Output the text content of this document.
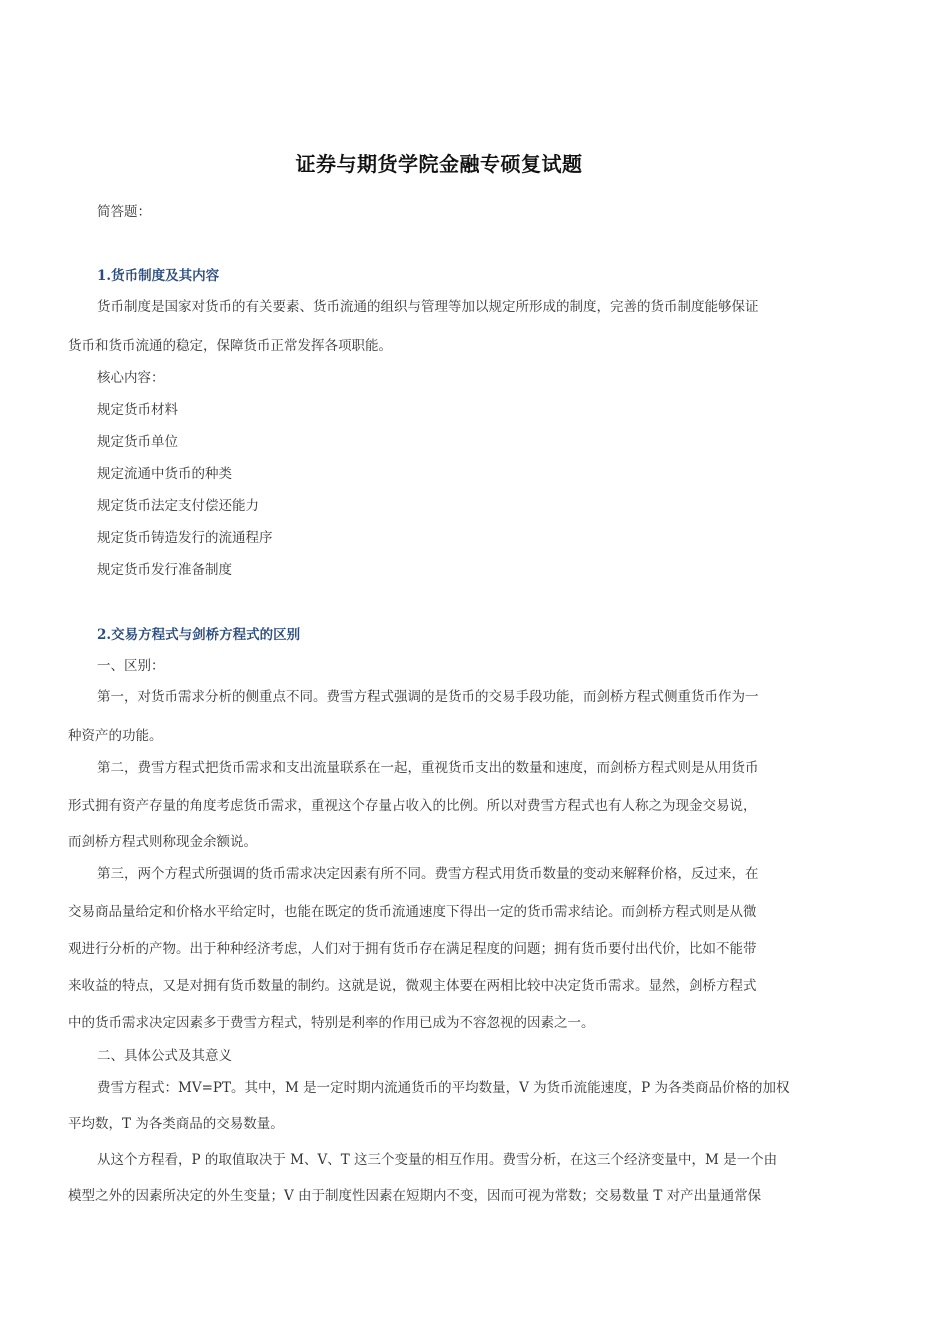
证券与期货学院金融专硕复试题

简答题：

1.货币制度及其内容

货币制度是国家对货币的有关要素、货币流通的组织与管理等加以规定所形成的制度，完善的货币制度能够保证

货币和货币流通的稳定，保障货币正常发挥各项职能。

核心内容：

规定货币材料

规定货币单位

规定流通中货币的种类

规定货币法定支付偿还能力

规定货币铸造发行的流通程序

规定货币发行准备制度

2.交易方程式与剑桥方程式的区别

一、区别：

第一，对货币需求分析的侧重点不同。费雪方程式强调的是货币的交易手段功能，而剑桥方程式侧重货币作为一

种资产的功能。

第二，费雪方程式把货币需求和支出流量联系在一起，重视货币支出的数量和速度，而剑桥方程式则是从用货币

形式拥有资产存量的角度考虑货币需求，重视这个存量占收入的比例。所以对费雪方程式也有人称之为现金交易说，

而剑桥方程式则称现金余额说。

第三，两个方程式所强调的货币需求决定因素有所不同。费雪方程式用货币数量的变动来解释价格，反过来，在

交易商品量给定和价格水平给定时，也能在既定的货币流通速度下得出一定的货币需求结论。而剑桥方程式则是从微

观进行分析的产物。出于种种经济考虑，人们对于拥有货币存在满足程度的问题；拥有货币要付出代价，比如不能带

来收益的特点，又是对拥有货币数量的制约。这就是说，微观主体要在两相比较中决定货币需求。显然，剑桥方程式

中的货币需求决定因素多于费雪方程式，特别是利率的作用已成为不容忽视的因素之一。

二、具体公式及其意义

费雪方程式：MV=PT。其中，M 是一定时期内流通货币的平均数量，V 为货币流能速度，P 为各类商品价格的加权

平均数，T 为各类商品的交易数量。

从这个方程看，P 的取值取决于 M、V、T 这三个变量的相互作用。费雪分析，在这三个经济变量中，M 是一个由

模型之外的因素所决定的外生变量；V 由于制度性因素在短期内不变，因而可视为常数；交易数量 T 对产出量通常保
